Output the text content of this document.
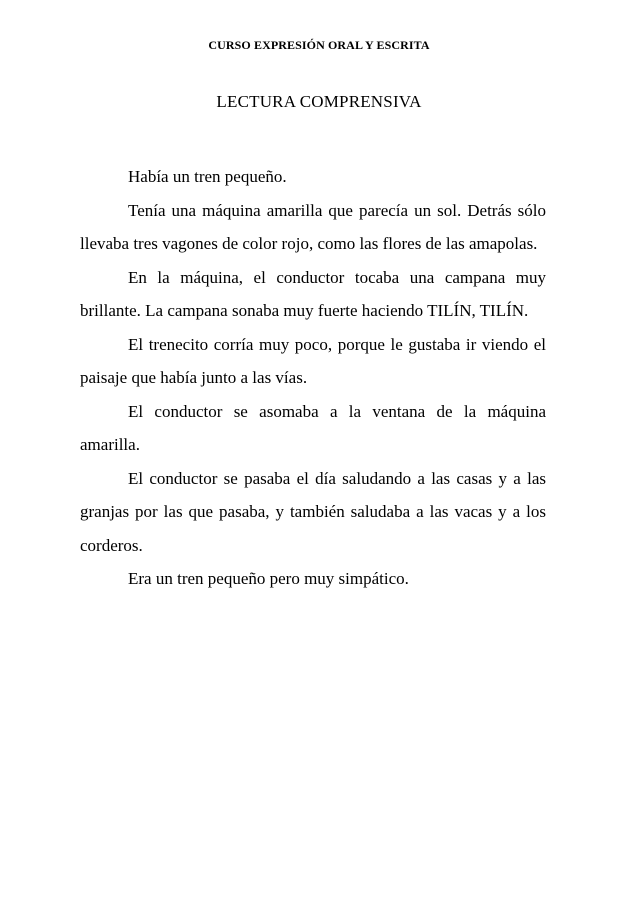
CURSO EXPRESIÓN ORAL Y ESCRITA
LECTURA COMPRENSIVA

Había un tren pequeño.

Tenía una máquina amarilla que parecía un sol. Detrás sólo llevaba tres vagones de color rojo, como las flores de las amapolas.

En la máquina, el conductor tocaba una campana muy brillante. La campana sonaba muy fuerte haciendo TILÍN, TILÍN.

El trenecito corría muy poco, porque le gustaba ir viendo el paisaje que había junto a las vías.

El conductor se asomaba a la ventana de la máquina amarilla.

El conductor se pasaba el día saludando a las casas y a las granjas por las que pasaba, y también saludaba a las vacas y a los corderos.

Era un tren pequeño pero muy simpático.
